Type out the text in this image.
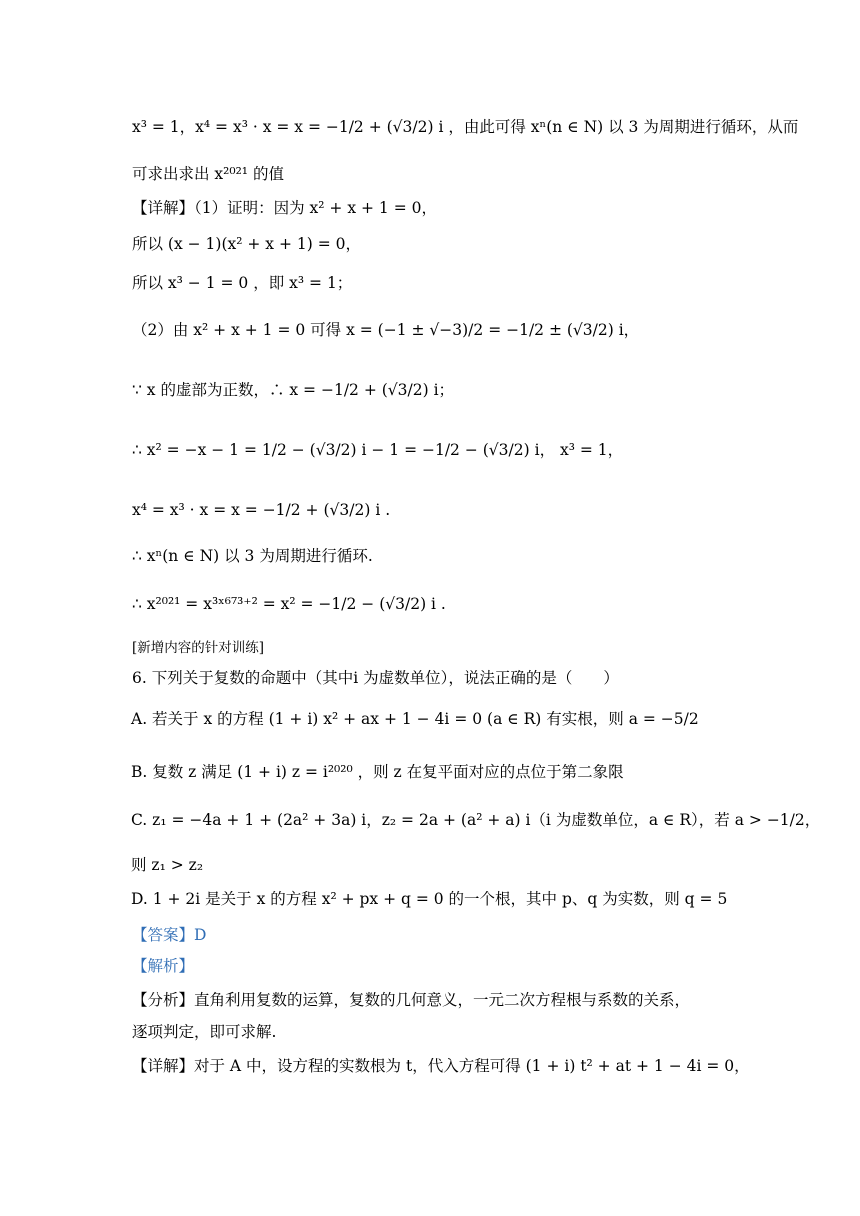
x³ = 1，x⁴ = x³ · x = x = −1/2 + (√3/2) i ，由此可得 xⁿ(n ∈ N) 以 3 为周期进行循环，从而
可求出求出 x²⁰²¹ 的值
【详解】（1）证明：因为 x² + x + 1 = 0，
所以 (x − 1)(x² + x + 1) = 0，
所以 x³ − 1 = 0 ，即 x³ = 1；
（2）由 x² + x + 1 = 0 可得 x = (−1 ± √−3)/2 = −1/2 ± (√3/2) i，
∵ x 的虚部为正数，∴ x = −1/2 + (√3/2) i；
∴ x² = −x − 1 = 1/2 − (√3/2) i − 1 = −1/2 − (√3/2) i， x³ = 1，
x⁴ = x³ · x = x = −1/2 + (√3/2) i .
∴ xⁿ(n ∈ N) 以 3 为周期进行循环.
∴ x²⁰²¹ = x³ˣ⁶⁷³⁺² = x² = −1/2 − (√3/2) i .
[新增内容的针对训练]
6. 下列关于复数的命题中（其中i 为虚数单位），说法正确的是（　　）
A. 若关于 x 的方程 (1 + i) x² + ax + 1 − 4i = 0 (a ∈ R) 有实根，则 a = −5/2
B. 复数 z 满足 (1 + i) z = i²⁰²⁰ ，则 z 在复平面对应的点位于第二象限
C. z₁ = −4a + 1 + (2a² + 3a) i，z₂ = 2a + (a² + a) i（i 为虚数单位，a ∈ R），若 a > −1/2，
则 z₁ > z₂
D. 1 + 2i 是关于 x 的方程 x² + px + q = 0 的一个根，其中 p、q 为实数，则 q = 5
【答案】D
【解析】
【分析】直角利用复数的运算，复数的几何意义，一元二次方程根与系数的关系，
逐项判定，即可求解.
【详解】对于 A 中，设方程的实数根为 t，代入方程可得 (1 + i) t² + at + 1 − 4i = 0，
